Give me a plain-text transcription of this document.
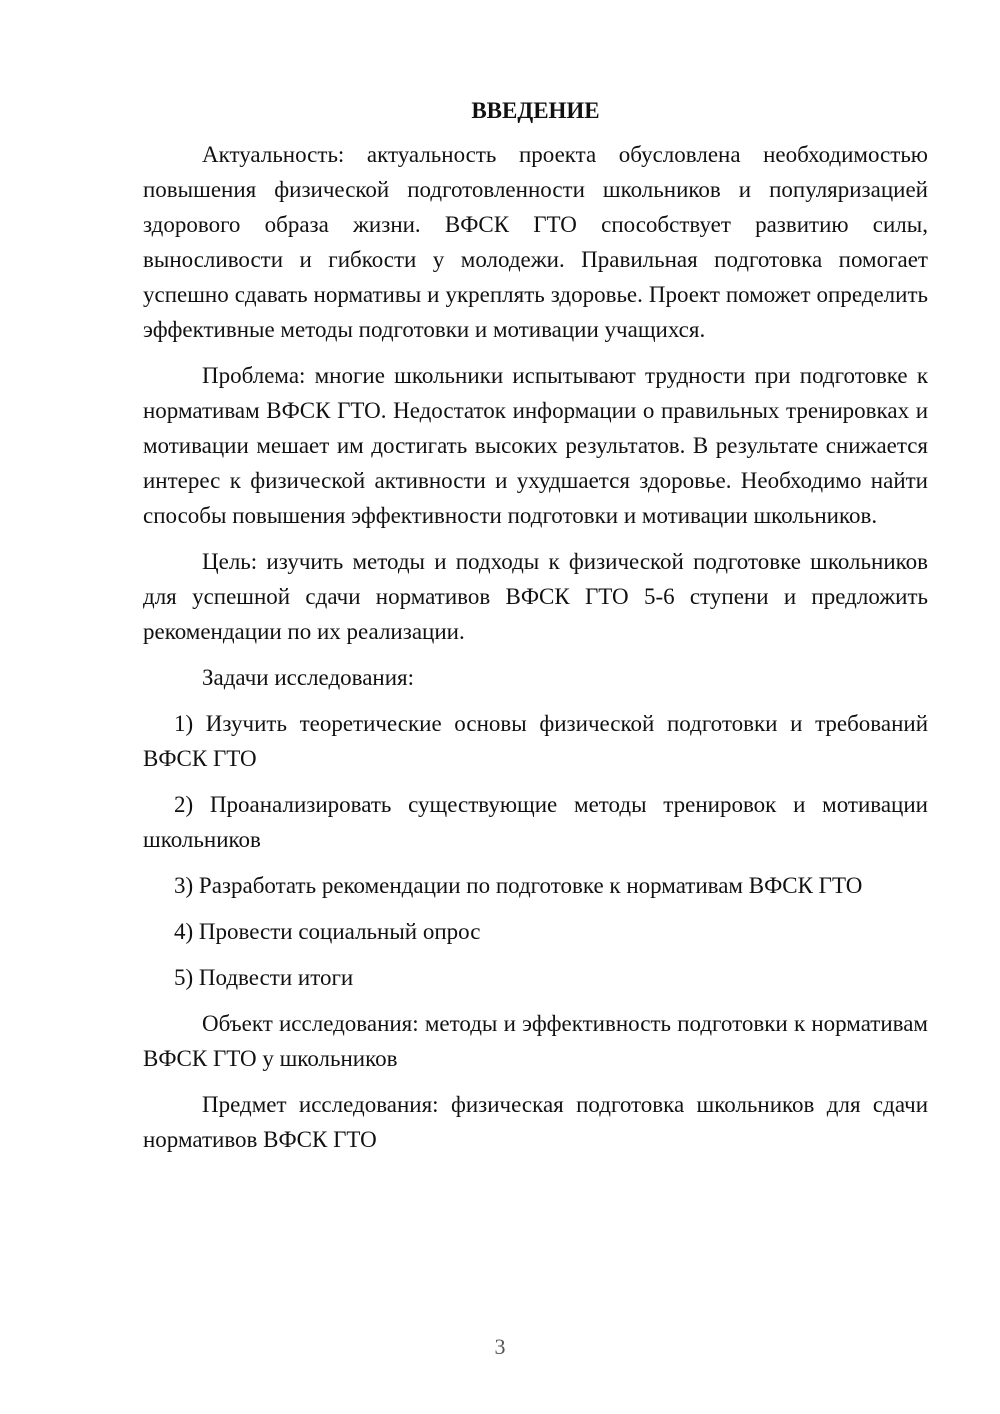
ВВЕДЕНИЕ

Актуальность: актуальность проекта обусловлена необходимостью повышения физической подготовленности школьников и популяризацией здорового образа жизни. ВФСК ГТО способствует развитию силы, выносливости и гибкости у молодежи. Правильная подготовка помогает успешно сдавать нормативы и укреплять здоровье. Проект поможет определить эффективные методы подготовки и мотивации учащихся.

Проблема: многие школьники испытывают трудности при подготовке к нормативам ВФСК ГТО. Недостаток информации о правильных тренировках и мотивации мешает им достигать высоких результатов. В результате снижается интерес к физической активности и ухудшается здоровье. Необходимо найти способы повышения эффективности подготовки и мотивации школьников.

Цель: изучить методы и подходы к физической подготовке школьников для успешной сдачи нормативов ВФСК ГТО 5-6 ступени и предложить рекомендации по их реализации.

Задачи исследования:

1) Изучить теоретические основы физической подготовки и требований ВФСК ГТО

2) Проанализировать существующие методы тренировок и мотивации школьников

3) Разработать рекомендации по подготовке к нормативам ВФСК ГТО

4) Провести социальный опрос

5) Подвести итоги

Объект исследования: методы и эффективность подготовки к нормативам ВФСК ГТО у школьников

Предмет исследования: физическая подготовка школьников для сдачи нормативов ВФСК ГТО

3
